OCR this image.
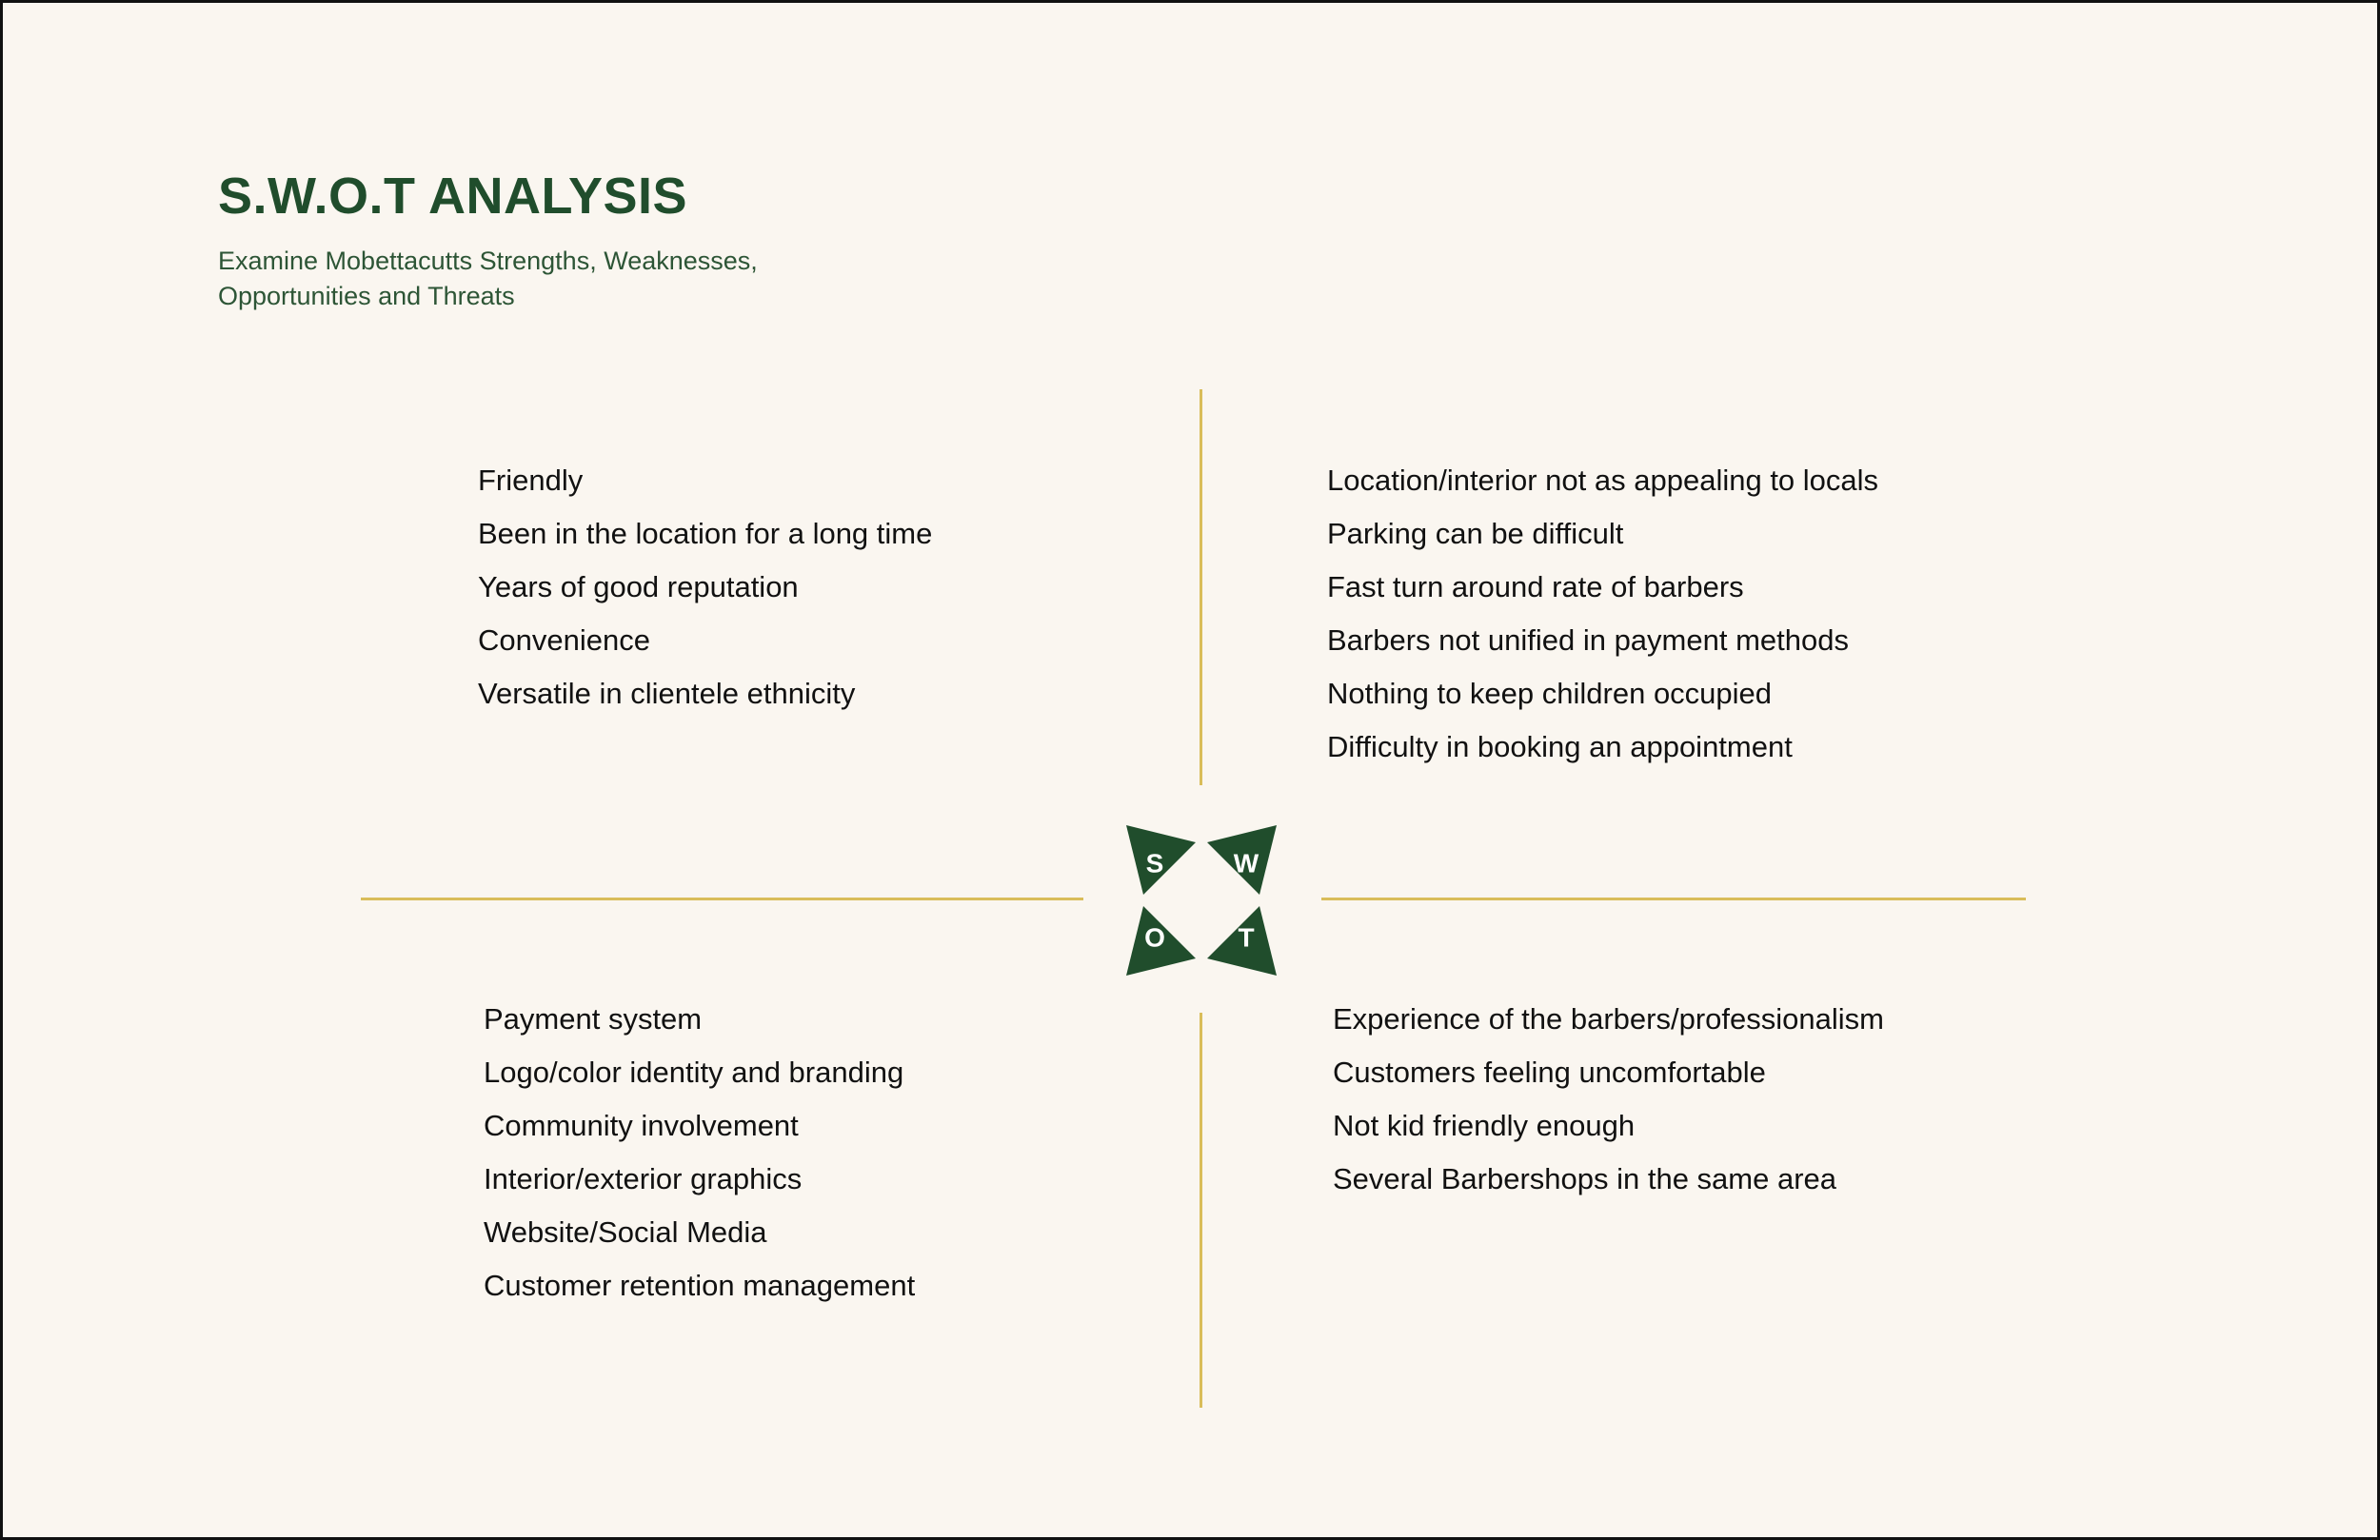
S.W.O.T ANALYSIS

Examine Mobettacutts Strengths, Weaknesses,
Opportunities and Threats

Friendly
Been in the location for a long time
Years of good reputation
Convenience
Versatile in clientele ethnicity
Location/interior not as appealing to locals
Parking can be difficult
Fast turn around rate of barbers
Barbers not unified in payment methods
Nothing to keep children occupied
Difficulty in booking an appointment
Payment system
Logo/color identity and branding
Community involvement
Interior/exterior graphics
Website/Social Media
Customer retention management
Experience of the barbers/professionalism
Customers feeling uncomfortable
Not kid friendly enough
Several Barbershops in the same area
S	W
O	T
